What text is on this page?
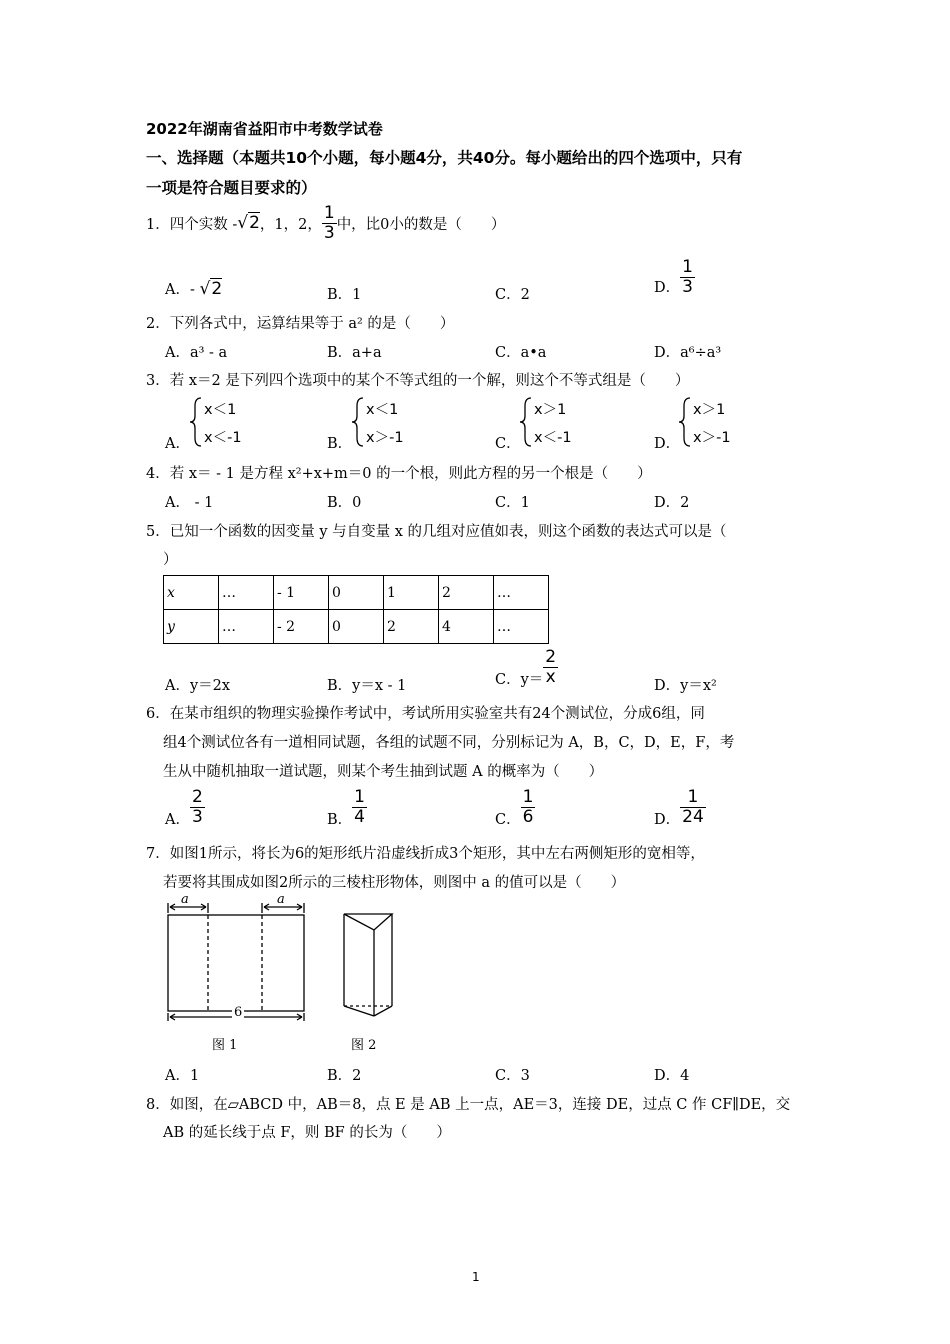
2022年湖南省益阳市中考数学试卷
一、选择题（本题共10个小题，每小题4分，共40分。每小题给出的四个选项中，只有
一项是符合题目要求的）
1．四个实数 - √2 ，1，2， $\frac{1}{3}$ 中，比0小的数是（　　）
A．- √2	B．1	C．2	D． $\frac{1}{3}$
2．下列各式中，运算结果等于 a² 的是（　　）
A．a³ - a	B．a+a	C．a•a	D．a⁶÷a³
3．若 x＝2 是下列四个选项中的某个不等式组的一个解，则这个不等式组是（　　）
A．
x＜1
x＜-1	B．
x＜1
x＞-1	C．
x＞1
x＜-1	D．
x＞1
x＞-1
4．若 x＝ - 1 是方程 x²+x+m＝0 的一个根，则此方程的另一个根是（　　）
A． - 1	B．0	C．1	D．2
5．已知一个函数的因变量 y 与自变量 x 的几组对应值如表，则这个函数的表达式可以是（
）
x	…	- 1	0	1	2	…
y	…	- 2	0	2	4	…
A．y＝2x	B．y＝x - 1	C．$y= \frac{2}{x}$	D．y＝x²
6．在某市组织的物理实验操作考试中，考试所用实验室共有24个测试位，分成6组，同
组4个测试位各有一道相同试题，各组的试题不同，分别标记为 A，B，C，D，E，F，考
生从中随机抽取一道试题，则某个考生抽到试题 A 的概率为（　　）
A． $\frac{2}{3}$	B． $\frac{1}{4}$	C． $\frac{1}{6}$	D． $\frac{1}{24}$
7．如图1所示，将长为6的矩形纸片沿虚线折成3个矩形，其中左右两侧矩形的宽相等，
若要将其围成如图2所示的三棱柱形物体，则图中 a 的值可以是（　　）
a	a
6
图 1	图 2
A．1	B．2	C．3	D．4
8．如图，在▱ABCD 中，AB＝8，点 E 是 AB 上一点，AE＝3，连接 DE，过点 C 作 CF∥DE，交
AB 的延长线于点 F，则 BF 的长为（　　）
1
